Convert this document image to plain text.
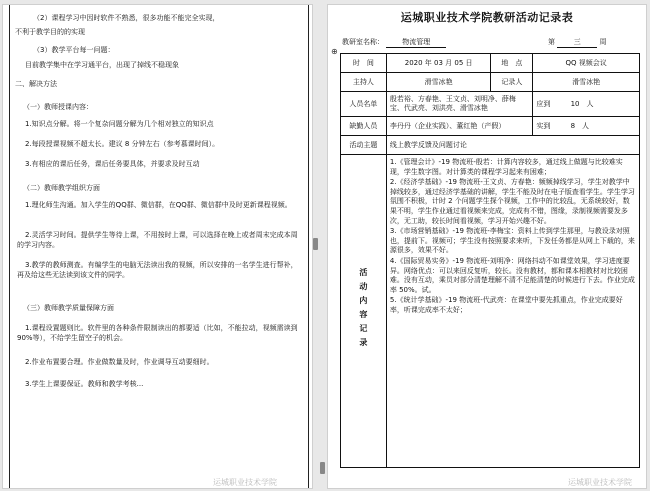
（2）课程学习中因时软件不熟悉，很多功能不能完全实现，
不利于教学目的的实现
（3）教学平台每一问题：
目前教学集中在学习通平台，出现了掉线不稳现象
二、解决方法
（一）教师授课内容：
1.知识点分解。将一个复杂问题分解为几个相对独立的知识点
2.每段授课视频不超太长。建议 8 分钟左右（参考慕课时间）。
3.有相应的课后任务，课后任务要具体，并要求及时互动
（二）教师教学组织方面
1.理化师生沟通。加入学生的QQ群、微信群，在QQ群、微信群中及时更新课程视频。
2.灵活学习时间。提供学生等待上课，不用按时上课，可以选择在晚上或者周末完成本周的学习内容。
3.教学的教师测查。有编学生的电脑无法读出我的视频，所以安排的一名学生进行帮补，再及给这些无法读到该文件的同学。
（三）教师教学质量保障方面
1.课程设置题则比。软件里的各种条件限制读出的都要适（比如，不能拉动，视频需读到 90%等），不给学生留空子的机会。
2.作业布置要合理。作业做数量及时，作业调导互动要细时。
3.学生上课要保证。教师和教学考核...
运城职业技术学院
⊕
运城职业技术学院教研活动记录表
教研室名称：	物流管理	第	三	周
时　间	2020 年 03 月 05 日	地　点	QQ 视频会议
主持人	滑雪冰艳	记录人	滑雪冰艳
人员名单	殷若裕、方春艳、王文贞、刘明净、薛梅宝、代武亮、刘洪亮、滑雪冰艳		应到 10　人
缺勤人员	李丹丹（企业实践）、董红艳（产假）		实到 8　人
活动主题	线上教学反馈及问题讨论		
活动内容记录	1.《管理会计》-19 物流班-殷若：计算内容较多，通过线上做题与比较难实现，学生数字图。对计算类的课程学习起来有困难；

2.《经济学基础》-19 物流班-王文贞、方春艳：频频掉线学习，学生对教学中掉线较多，通过经济学基础的讲解，学生不能及时在电子版查看学生。学生学习氛围不积极，计时 2 个问题学生探个视频，工作中的比较乱，无系统较好，数果不明，学生作业通过看视频来完成，完成有不错，图缘，录制视频需要发多次，无工助，较长时间看视频，学习开始兴趣不好。

3.《市场营销基础》-19 物流班-李梅宝：资料上传到学生那里，与教设录对照也，提前下。视频可；学生没有按照要求来听，下发任务都是从网上下载的，来源很多，效果不好。

4.《国际贸易实务》-19 物流班-刘明净：网络抖动不如课堂效果，学习进度要异。网络优点：可以来回反复听，较长。没有教材，都和课本相教材对比较困难。没有互动，乘员对部分清楚理解不清不足能清楚的时候进行下去。作业完成率 50%。试。

5.《统计学基础》-19 物流班-代武亮：在课堂中要先抓重点，作业完成要好率，听课完成率不太好；		

运城职业技术学院
